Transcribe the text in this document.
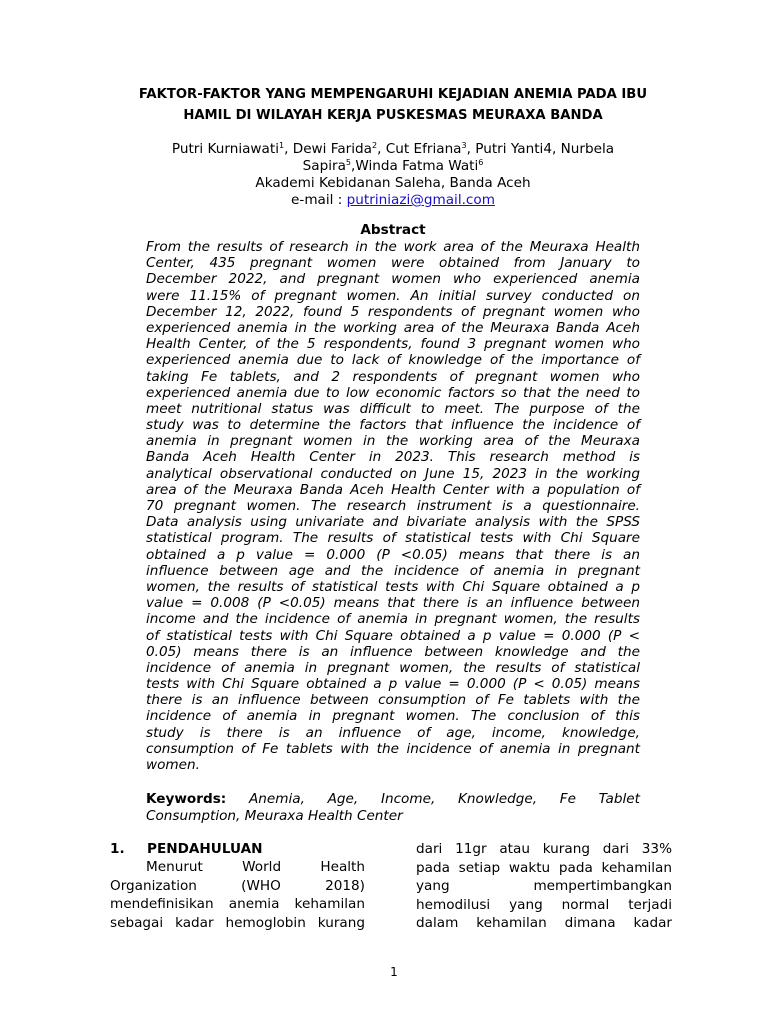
FAKTOR-FAKTOR YANG MEMPENGARUHI KEJADIAN ANEMIA PADA IBU
HAMIL DI WILAYAH KERJA PUSKESMAS MEURAXA BANDA
Putri Kurniawati$^1$, Dewi Farida$^2$, Cut Efriana$^3$, Putri Yanti4, Nurbela
Sapira$^5$,Winda Fatma Wati$^6$
Akademi Kebidanan Saleha, Banda Aceh
e-mail : putriniazi@gmail.com
Abstract
From the results of research in the work area of the Meuraxa Health
Center, 435 pregnant women were obtained from January to
December 2022, and pregnant women who experienced anemia
were 11.15% of pregnant women. An initial survey conducted on
December 12, 2022, found 5 respondents of pregnant women who
experienced anemia in the working area of the Meuraxa Banda Aceh
Health Center, of the 5 respondents, found 3 pregnant women who
experienced anemia due to lack of knowledge of the importance of
taking Fe tablets, and 2 respondents of pregnant women who
experienced anemia due to low economic factors so that the need to
meet nutritional status was difficult to meet. The purpose of the
study was to determine the factors that influence the incidence of
anemia in pregnant women in the working area of the Meuraxa
Banda Aceh Health Center in 2023. This research method is
analytical observational conducted on June 15, 2023 in the working
area of the Meuraxa Banda Aceh Health Center with a population of
70 pregnant women. The research instrument is a questionnaire.
Data analysis using univariate and bivariate analysis with the SPSS
statistical program. The results of statistical tests with Chi Square
obtained a p value = 0.000 (P <0.05) means that there is an
influence between age and the incidence of anemia in pregnant
women, the results of statistical tests with Chi Square obtained a p
value = 0.008 (P <0.05) means that there is an influence between
income and the incidence of anemia in pregnant women, the results
of statistical tests with Chi Square obtained a p value = 0.000 (P <
0.05) means there is an influence between knowledge and the
incidence of anemia in pregnant women, the results of statistical
tests with Chi Square obtained a p value = 0.000 (P < 0.05) means
there is an influence between consumption of Fe tablets with the
incidence of anemia in pregnant women. The conclusion of this
study is there is an influence of age, income, knowledge,
consumption of Fe tablets with the incidence of anemia in pregnant
women.
Keywords: Anemia, Age, Income, Knowledge, Fe Tablet
Consumption, Meuraxa Health Center
1. PENDAHULUAN
Menurut World Health
Organization (WHO 2018)
mendefinisikan anemia kehamilan
sebagai kadar hemoglobin kurang
dari 11gr atau kurang dari 33%
pada setiap waktu pada kehamilan
yang mempertimbangkan
hemodilusi yang normal terjadi
dalam kehamilan dimana kadar
1
